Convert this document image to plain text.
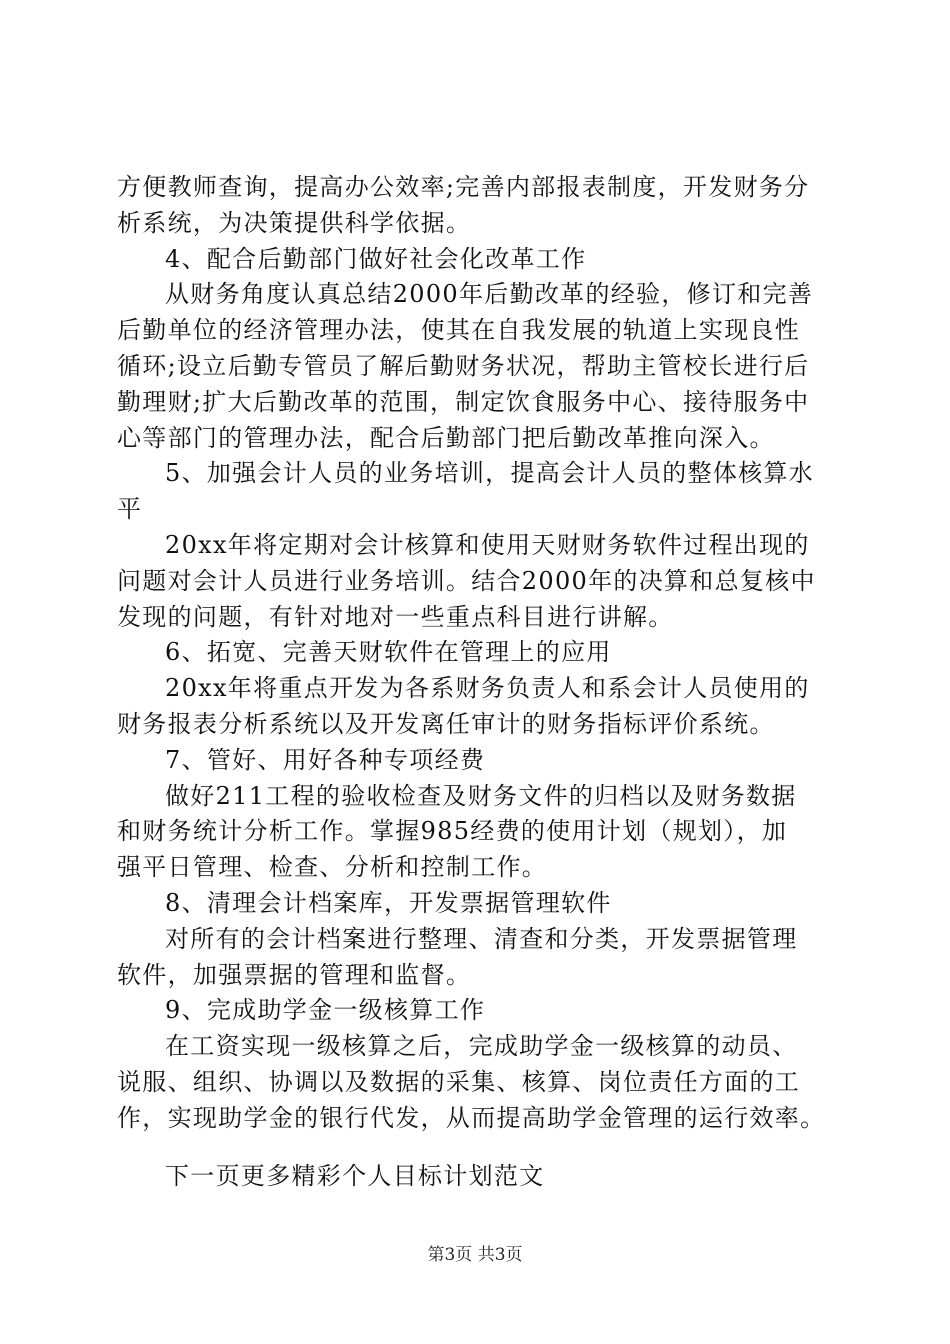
方便教师查询，提高办公效率;完善内部报表制度，开发财务分
析系统，为决策提供科学依据。
4、配合后勤部门做好社会化改革工作
从财务角度认真总结2000年后勤改革的经验，修订和完善
后勤单位的经济管理办法，使其在自我发展的轨道上实现良性
循环;设立后勤专管员了解后勤财务状况，帮助主管校长进行后
勤理财;扩大后勤改革的范围，制定饮食服务中心、接待服务中
心等部门的管理办法，配合后勤部门把后勤改革推向深入。
5、加强会计人员的业务培训，提高会计人员的整体核算水
平
20xx年将定期对会计核算和使用天财财务软件过程出现的
问题对会计人员进行业务培训。结合2000年的决算和总复核中
发现的问题，有针对地对一些重点科目进行讲解。
6、拓宽、完善天财软件在管理上的应用
20xx年将重点开发为各系财务负责人和系会计人员使用的
财务报表分析系统以及开发离任审计的财务指标评价系统。
7、管好、用好各种专项经费
做好211工程的验收检查及财务文件的归档以及财务数据
和财务统计分析工作。掌握985经费的使用计划（规划），加
强平日管理、检查、分析和控制工作。
8、清理会计档案库，开发票据管理软件
对所有的会计档案进行整理、清查和分类，开发票据管理
软件，加强票据的管理和监督。
9、完成助学金一级核算工作
在工资实现一级核算之后，完成助学金一级核算的动员、
说服、组织、协调以及数据的采集、核算、岗位责任方面的工
作，实现助学金的银行代发，从而提高助学金管理的运行效率。
下一页更多精彩个人目标计划范文
第3页 共3页
